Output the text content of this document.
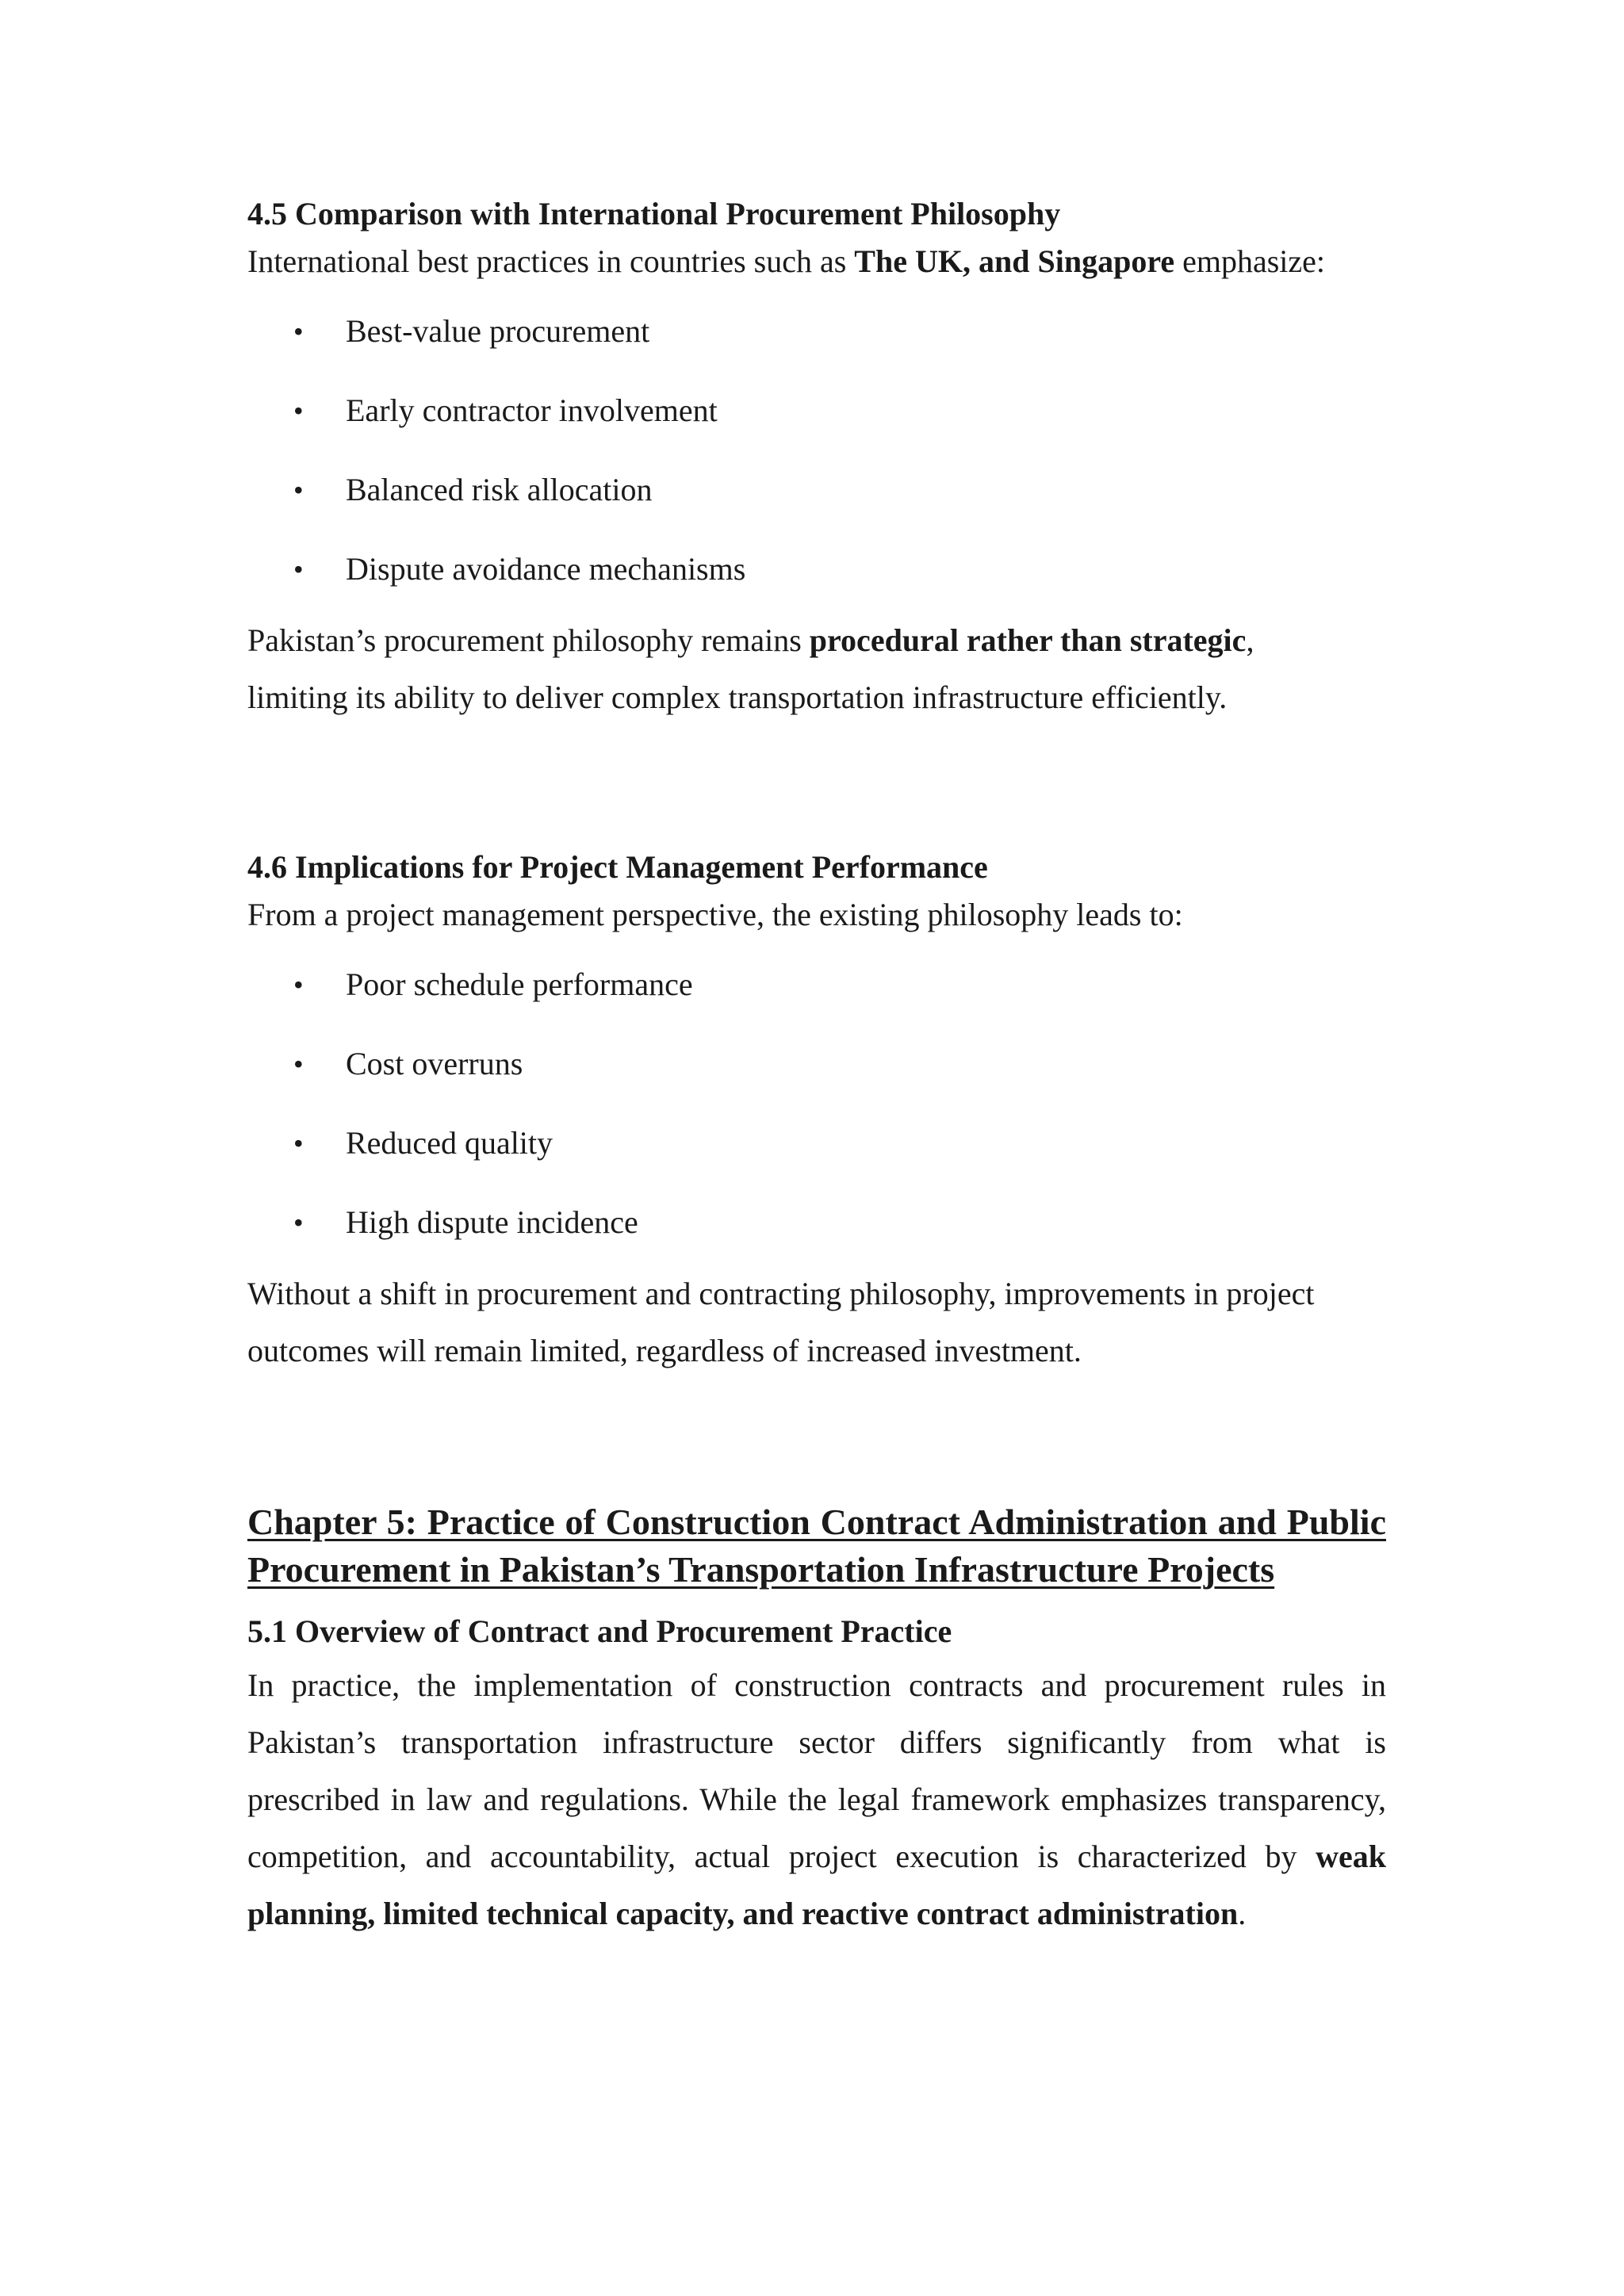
4.5 Comparison with International Procurement Philosophy

International best practices in countries such as The UK, and Singapore emphasize:

• Best-value procurement
• Early contractor involvement
• Balanced risk allocation
• Dispute avoidance mechanisms

Pakistan’s procurement philosophy remains procedural rather than strategic, limiting its ability to deliver complex transportation infrastructure efficiently.

4.6 Implications for Project Management Performance

From a project management perspective, the existing philosophy leads to:

• Poor schedule performance
• Cost overruns
• Reduced quality
• High dispute incidence

Without a shift in procurement and contracting philosophy, improvements in project outcomes will remain limited, regardless of increased investment.

Chapter 5: Practice of Construction Contract Administration and Public Procurement in Pakistan’s Transportation Infrastructure Projects
5.1 Overview of Contract and Procurement Practice

In practice, the implementation of construction contracts and procurement rules in Pakistan’s transportation infrastructure sector differs significantly from what is prescribed in law and regulations. While the legal framework emphasizes transparency, competition, and accountability, actual project execution is characterized by weak planning, limited technical capacity, and reactive contract administration.
